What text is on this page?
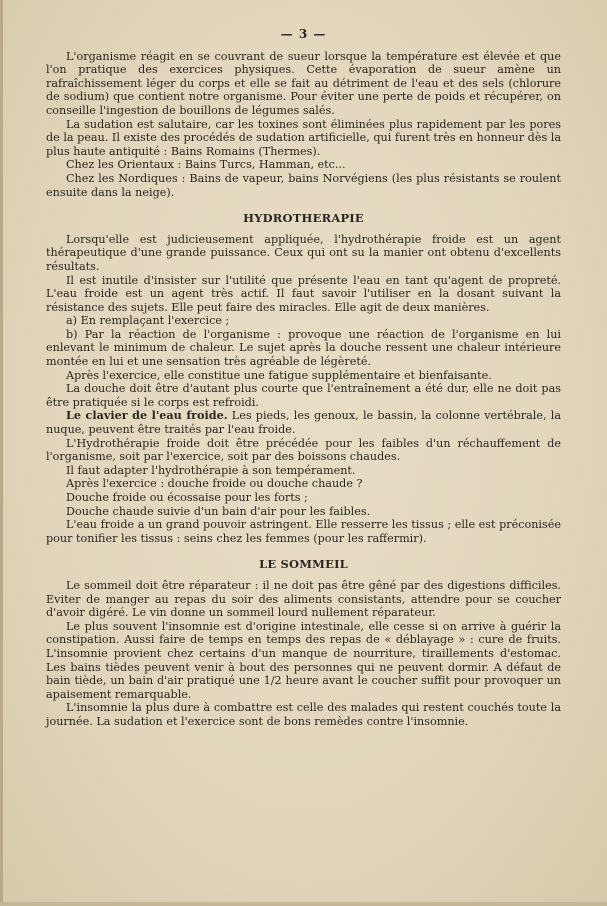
— 3 —

L'organisme réagit en se couvrant de sueur lorsque la température est élevée et que l'on pratique des exercices physiques. Cette évaporation de sueur amène un rafraîchissement léger du corps et elle se fait au détriment de l'eau et des sels (chlorure de sodium) que contient notre organisme. Pour éviter une perte de poids et récupérer, on conseille l'ingestion de bouillons de légumes salés.

La sudation est salutaire, car les toxines sont éliminées plus rapidement par les pores de la peau. Il existe des procédés de sudation artificielle, qui furent très en honneur dès la plus haute antiquité : Bains Romains (Thermes).

Chez les Orientaux : Bains Turcs, Hamman, etc...

Chez les Nordiques : Bains de vapeur, bains Norvégiens (les plus résistants se roulent ensuite dans la neige).

HYDROTHERAPIE

Lorsqu'elle est judicieusement appliquée, l'hydrothérapie froide est un agent thérapeutique d'une grande puissance. Ceux qui ont su la manier ont obtenu d'excellents résultats.

Il est inutile d'insister sur l'utilité que présente l'eau en tant qu'agent de propreté. L'eau froide est un agent très actif. Il faut savoir l'utiliser en la dosant suivant la résistance des sujets. Elle peut faire des miracles. Elle agit de deux manières.

a) En remplaçant l'exercice ;

b) Par la réaction de l'organisme : provoque une réaction de l'organisme en lui enlevant le minimum de chaleur. Le sujet après la douche ressent une chaleur intérieure montée en lui et une sensation très agréable de légèreté.

Après l'exercice, elle constitue une fatigue supplémentaire et bienfaisante.

La douche doit être d'autant plus courte que l'entraînement a été dur, elle ne doit pas être pratiquée si le corps est refroidi.

Le clavier de l'eau froide. Les pieds, les genoux, le bassin, la colonne vertébrale, la nuque, peuvent être traités par l'eau froide.

L'Hydrothérapie froide doit être précédée pour les faibles d'un réchauffement de l'organisme, soit par l'exercice, soit par des boissons chaudes.

Il faut adapter l'hydrothérapie à son tempérament.

Après l'exercice : douche froide ou douche chaude ?

Douche froide ou écossaise pour les forts ;

Douche chaude suivie d'un bain d'air pour les faibles.

L'eau froide a un grand pouvoir astringent. Elle resserre les tissus ; elle est préconisée pour tonifier les tissus : seins chez les femmes (pour les raffermir).

LE SOMMEIL

Le sommeil doit être réparateur : il ne doit pas être gêné par des digestions difficiles. Eviter de manger au repas du soir des aliments consistants, attendre pour se coucher d'avoir digéré. Le vin donne un sommeil lourd nullement réparateur.

Le plus souvent l'insomnie est d'origine intestinale, elle cesse si on arrive à guérir la constipation. Aussi faire de temps en temps des repas de « déblayage » : cure de fruits. L'insomnie provient chez certains d'un manque de nourriture, tiraillements d'estomac. Les bains tièdes peuvent venir à bout des personnes qui ne peuvent dormir. A défaut de bain tiède, un bain d'air pratiqué une 1/2 heure avant le coucher suffit pour provoquer un apaisement remarquable.

L'insomnie la plus dure à combattre est celle des malades qui restent couchés toute la journée. La sudation et l'exercice sont de bons remèdes contre l'insomnie.
